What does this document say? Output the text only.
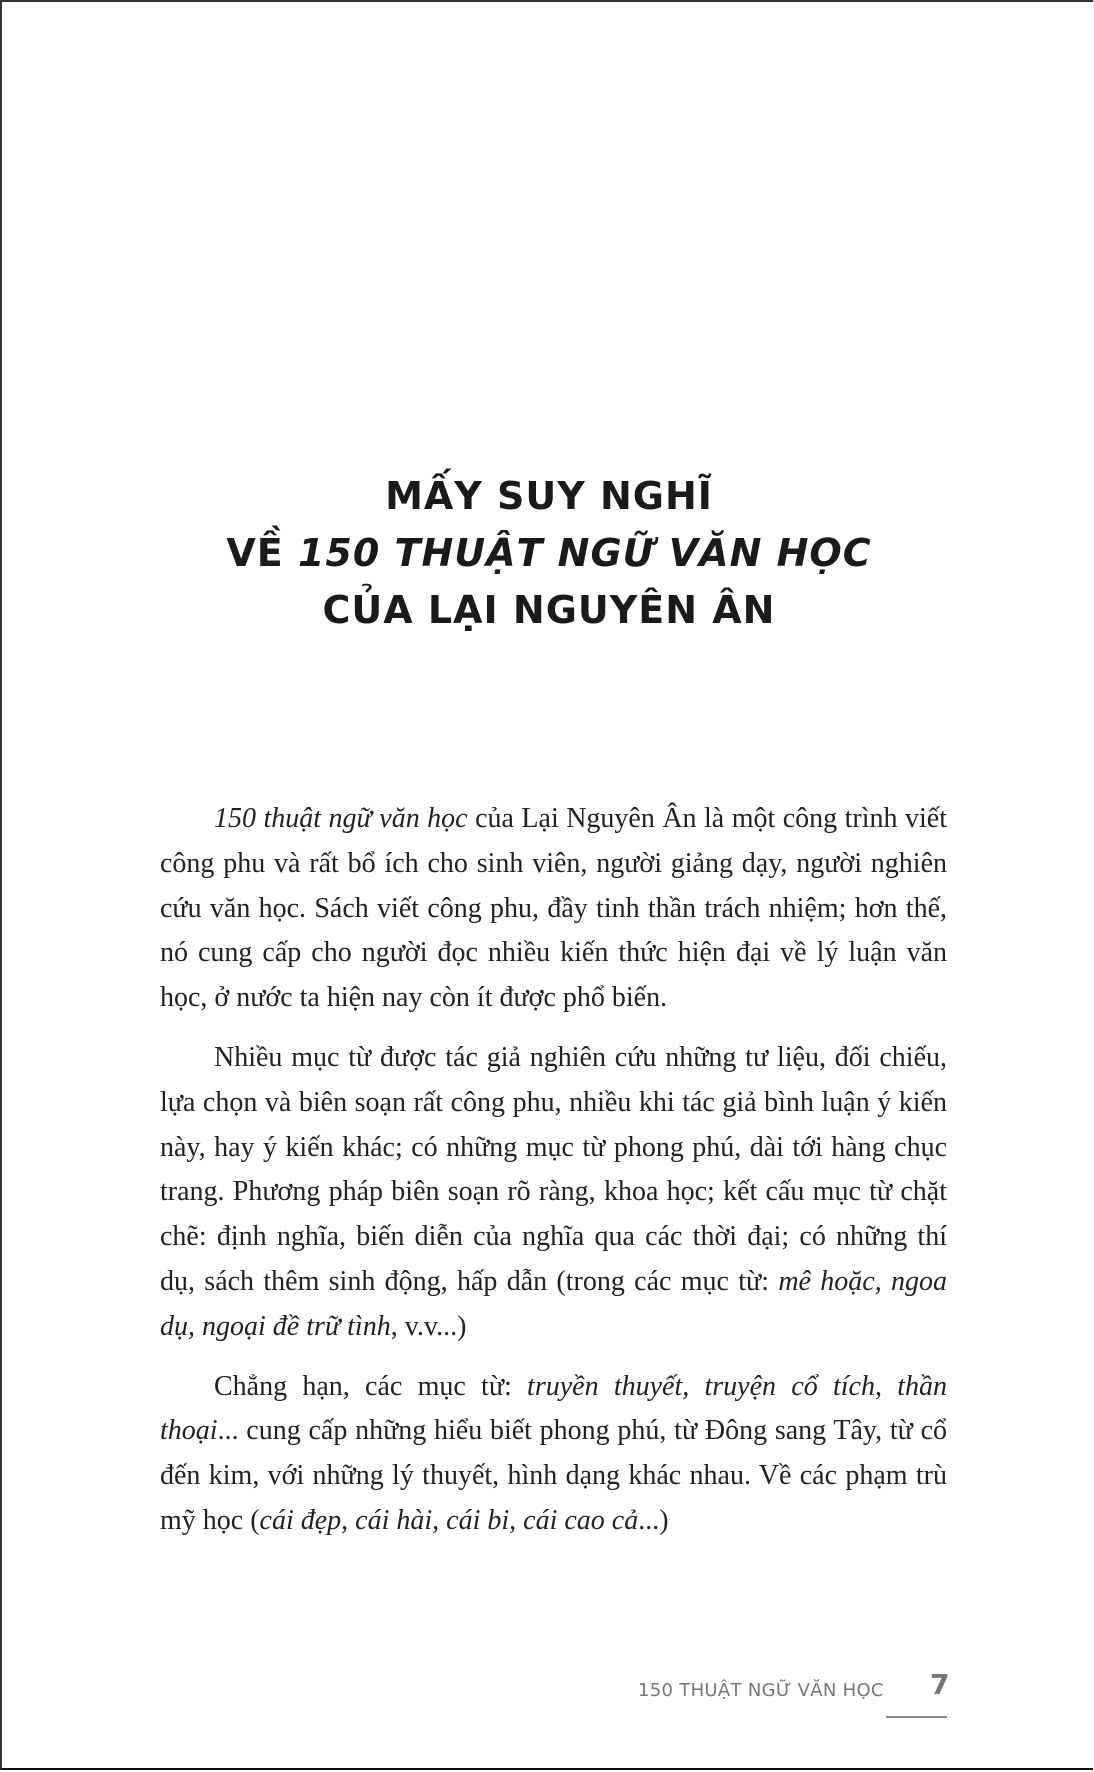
MẤY SUY NGHĨ
VỀ 150 THUẬT NGỮ VĂN HỌC
CỦA LẠI NGUYÊN ÂN

150 thuật ngữ văn học của Lại Nguyên Ân là một công trình viết công phu và rất bổ ích cho sinh viên, người giảng dạy, người nghiên cứu văn học. Sách viết công phu, đầy tinh thần trách nhiệm; hơn thế, nó cung cấp cho người đọc nhiều kiến thức hiện đại về lý luận văn học, ở nước ta hiện nay còn ít được phổ biến.

Nhiều mục từ được tác giả nghiên cứu những tư liệu, đối chiếu, lựa chọn và biên soạn rất công phu, nhiều khi tác giả bình luận ý kiến này, hay ý kiến khác; có những mục từ phong phú, dài tới hàng chục trang. Phương pháp biên soạn rõ ràng, khoa học; kết cấu mục từ chặt chẽ: định nghĩa, biến diễn của nghĩa qua các thời đại; có những thí dụ, sách thêm sinh động, hấp dẫn (trong các mục từ: mê hoặc, ngoa dụ, ngoại đề trữ tình, v.v...)

Chẳng hạn, các mục từ: truyền thuyết, truyện cổ tích, thần thoại... cung cấp những hiểu biết phong phú, từ Đông sang Tây, từ cổ đến kim, với những lý thuyết, hình dạng khác nhau. Về các phạm trù mỹ học (cái đẹp, cái hài, cái bi, cái cao cả...)

150 THUẬT NGỮ VĂN HỌC 7
